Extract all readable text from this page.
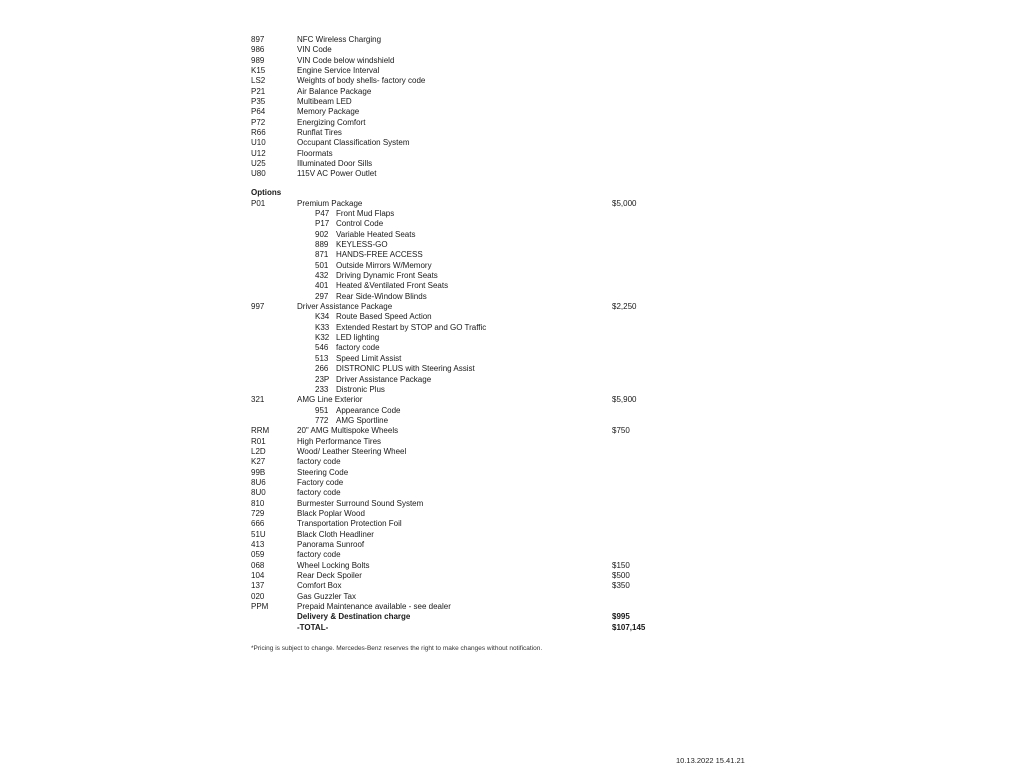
897	NFC Wireless Charging
986	VIN Code
989	VIN Code below windshield
K15	Engine Service Interval
LS2	Weights of body shells- factory code
P21	Air Balance Package
P35	Multibeam LED
P64	Memory Package
P72	Energizing Comfort
R66	Runflat Tires
U10	Occupant Classification System
U12	Floormats
U25	Illuminated Door Sills
U80	115V AC Power Outlet
Options
P01	Premium Package	$5,000
P47 Front Mud Flaps
P17 Control Code
902 Variable Heated Seats
889 KEYLESS-GO
871 HANDS-FREE ACCESS
501 Outside Mirrors W/Memory
432 Driving Dynamic Front Seats
401 Heated &Ventilated Front Seats
297 Rear Side-Window Blinds
997	Driver Assistance Package	$2,250
K34 Route Based Speed Action
K33 Extended Restart by STOP and GO Traffic
K32 LED lighting
546 factory code
513 Speed Limit Assist
266 DISTRONIC PLUS with Steering Assist
23P Driver Assistance Package
233 Distronic Plus
321	AMG Line Exterior	$5,900
951 Appearance Code
772 AMG Sportline
RRM	20" AMG Multispoke Wheels	$750
R01	High Performance Tires
L2D	Wood/ Leather Steering Wheel
K27	factory code
99B	Steering Code
8U6	Factory code
8U0	factory code
810	Burmester Surround Sound System
729	Black Poplar Wood
666	Transportation Protection Foil
51U	Black Cloth Headliner
413	Panorama Sunroof
059	factory code
068	Wheel Locking Bolts	$150
104	Rear Deck Spoiler	$500
137	Comfort Box	$350
020	Gas Guzzler Tax
PPM	Prepaid Maintenance available - see dealer
Delivery & Destination charge	$995
-TOTAL-	$107,145
*Pricing is subject to change. Mercedes-Benz reserves the right to make changes without notification.
10.13.2022 15.41.21
